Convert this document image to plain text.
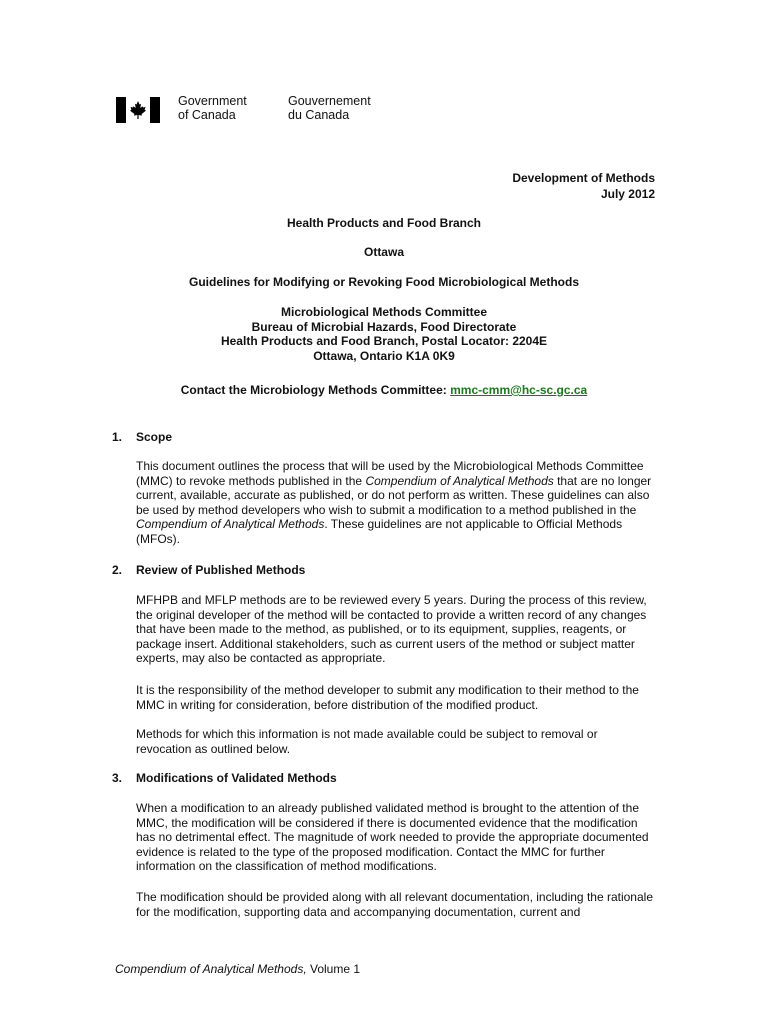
Government
of Canada
Gouvernement
du Canada
Development of Methods
July 2012
Health Products and Food Branch
Ottawa
Guidelines for Modifying or Revoking Food Microbiological Methods
Microbiological Methods Committee
Bureau of Microbial Hazards, Food Directorate
Health Products and Food Branch, Postal Locator: 2204E
Ottawa, Ontario K1A 0K9
Contact the Microbiology Methods Committee: mmc-cmm@hc-sc.gc.ca
1. Scope
This document outlines the process that will be used by the Microbiological Methods Committee (MMC) to revoke methods published in the Compendium of Analytical Methods that are no longer current, available, accurate as published, or do not perform as written. These guidelines can also be used by method developers who wish to submit a modification to a method published in the Compendium of Analytical Methods. These guidelines are not applicable to Official Methods (MFOs).
2. Review of Published Methods
MFHPB and MFLP methods are to be reviewed every 5 years. During the process of this review, the original developer of the method will be contacted to provide a written record of any changes that have been made to the method, as published, or to its equipment, supplies, reagents, or package insert. Additional stakeholders, such as current users of the method or subject matter experts, may also be contacted as appropriate.
It is the responsibility of the method developer to submit any modification to their method to the MMC in writing for consideration, before distribution of the modified product.
Methods for which this information is not made available could be subject to removal or revocation as outlined below.
3. Modifications of Validated Methods
When a modification to an already published validated method is brought to the attention of the MMC, the modification will be considered if there is documented evidence that the modification has no detrimental effect. The magnitude of work needed to provide the appropriate documented evidence is related to the type of the proposed modification. Contact the MMC for further information on the classification of method modifications.
The modification should be provided along with all relevant documentation, including the rationale for the modification, supporting data and accompanying documentation, current and
Compendium of Analytical Methods, Volume 1
